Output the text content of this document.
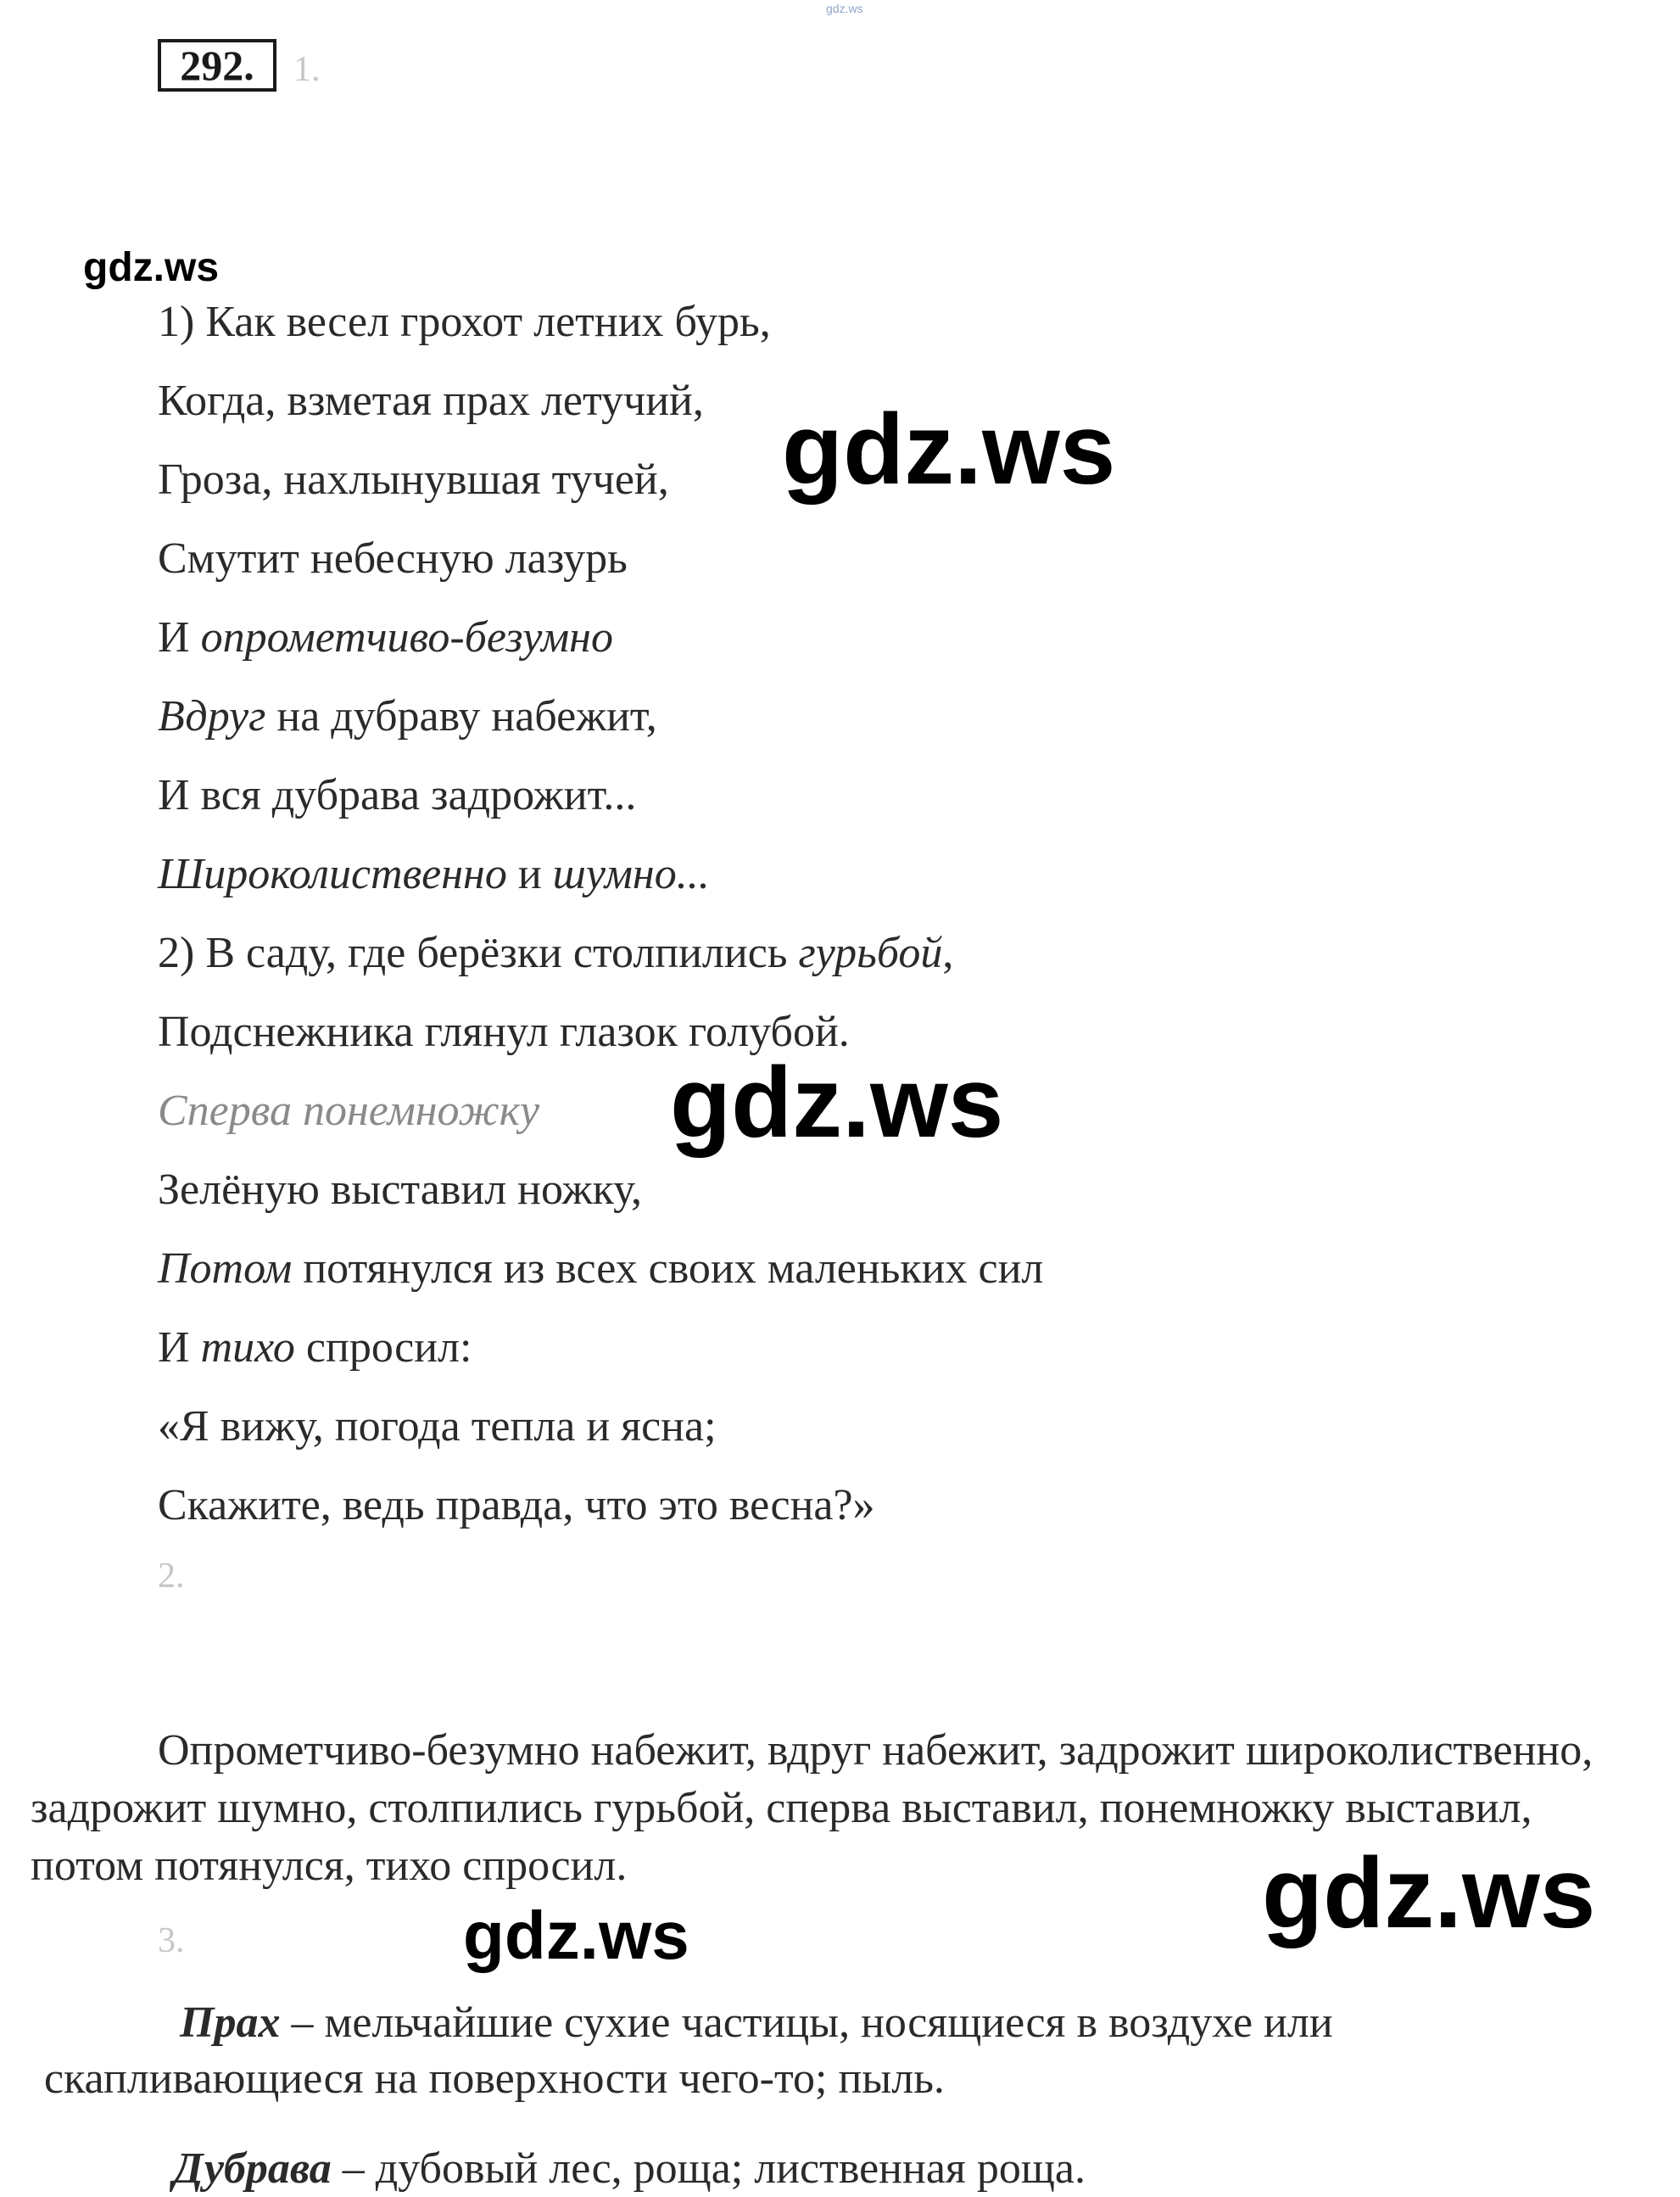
gdz.ws
292.	1.
gdz.ws
1) Как весел грохот летних бурь,
Когда, взметая прах летучий,
Гроза, нахлынувшая тучей,
Смутит небесную лазурь
И опрометчиво-безумно
Вдруг на дубраву набежит,
И вся дубрава задрожит...
Широколиственно и шумно...
2) В саду, где берёзки столпились гурьбой,
Подснежника глянул глазок голубой.
Сперва понемножку
Зелёную выставил ножку,
Потом потянулся из всех своих маленьких сил
И тихо спросил:
«Я вижу, погода тепла и ясна;
Скажите, ведь правда, что это весна?»
gdz.ws
gdz.ws
2.
Опрометчиво-безумно набежит, вдруг набежит, задрожит широколиственно, задрожит шумно, столпились гурьбой, сперва выставил, понемножку выставил, потом потянулся, тихо спросил.	gdz.ws
3.	gdz.ws
Прах – мельчайшие сухие частицы, носящиеся в воздухе или скапливающиеся на поверхности чего-то; пыль.
Дубрава – дубовый лес, роща; лиственная роща.
